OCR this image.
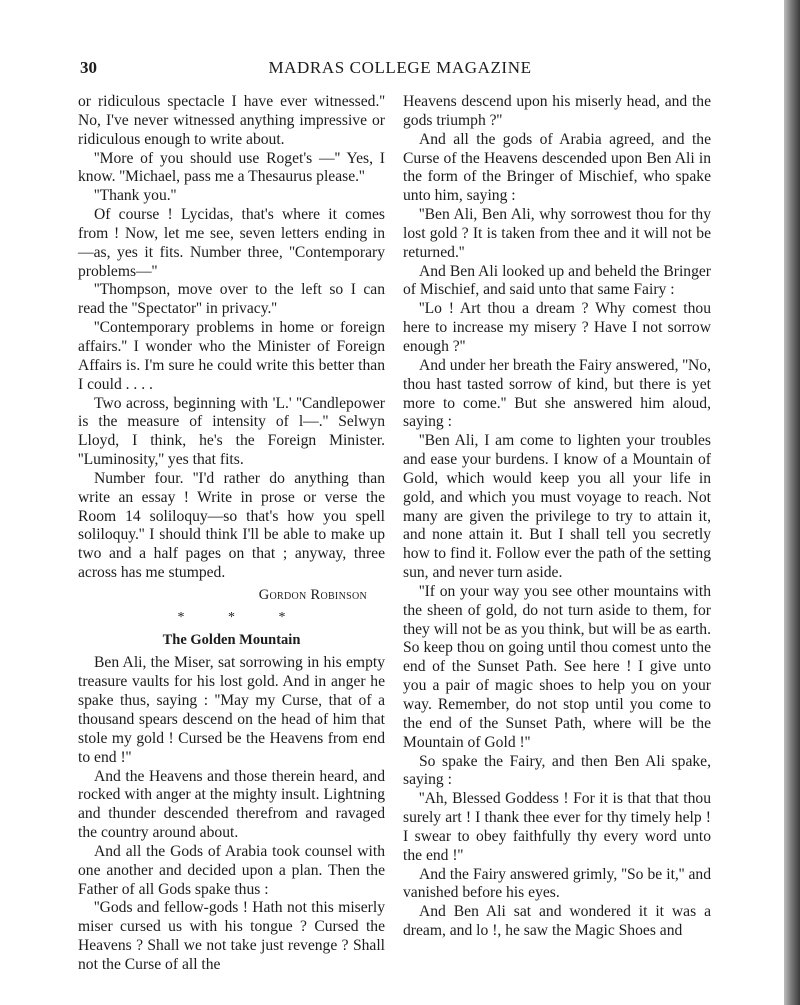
30	MADRAS COLLEGE MAGAZINE

or ridiculous spectacle I have ever witnessed.'' No, I've never witnessed anything impressive or ridiculous enough to write about.

''More of you should use Roget's —'' Yes, I know. ''Michael, pass me a Thesaurus please.''

''Thank you.''

Of course ! Lycidas, that's where it comes from ! Now, let me see, seven letters ending in —as, yes it fits. Number three, ''Contemporary problems—''

''Thompson, move over to the left so I can read the ''Spectator'' in privacy.''

''Contemporary problems in home or foreign affairs.'' I wonder who the Minister of Foreign Affairs is. I'm sure he could write this better than I could . . . .

Two across, beginning with 'L.' ''Candlepower is the measure of intensity of l—.'' Selwyn Lloyd, I think, he's the Foreign Minister. ''Luminosity,'' yes that fits.

Number four. ''I'd rather do anything than write an essay ! Write in prose or verse the Room 14 soliloquy—so that's how you spell soliloquy.'' I should think I'll be able to make up two and a half pages on that ; anyway, three across has me stumped.

Gordon Robinson
* * *
The Golden Mountain

Ben Ali, the Miser, sat sorrowing in his empty treasure vaults for his lost gold. And in anger he spake thus, saying : ''May my Curse, that of a thousand spears descend on the head of him that stole my gold ! Cursed be the Heavens from end to end !''

And the Heavens and those therein heard, and rocked with anger at the mighty insult. Lightning and thunder descended therefrom and ravaged the country around about.

And all the Gods of Arabia took counsel with one another and decided upon a plan. Then the Father of all Gods spake thus :

''Gods and fellow-gods ! Hath not this miserly miser cursed us with his tongue ? Cursed the Heavens ? Shall we not take just revenge ? Shall not the Curse of all the

Heavens descend upon his miserly head, and the gods triumph ?''

And all the gods of Arabia agreed, and the Curse of the Heavens descended upon Ben Ali in the form of the Bringer of Mischief, who spake unto him, saying :

''Ben Ali, Ben Ali, why sorrowest thou for thy lost gold ? It is taken from thee and it will not be returned.''

And Ben Ali looked up and beheld the Bringer of Mischief, and said unto that same Fairy :

''Lo ! Art thou a dream ? Why comest thou here to increase my misery ? Have I not sorrow enough ?''

And under her breath the Fairy answered, ''No, thou hast tasted sorrow of kind, but there is yet more to come.'' But she answered him aloud, saying :

''Ben Ali, I am come to lighten your troubles and ease your burdens. I know of a Mountain of Gold, which would keep you all your life in gold, and which you must voyage to reach. Not many are given the privilege to try to attain it, and none attain it. But I shall tell you secretly how to find it. Follow ever the path of the setting sun, and never turn aside.

''If on your way you see other mountains with the sheen of gold, do not turn aside to them, for they will not be as you think, but will be as earth. So keep thou on going until thou comest unto the end of the Sunset Path. See here ! I give unto you a pair of magic shoes to help you on your way. Remember, do not stop until you come to the end of the Sunset Path, where will be the Mountain of Gold !''

So spake the Fairy, and then Ben Ali spake, saying :

''Ah, Blessed Goddess ! For it is that that thou surely art ! I thank thee ever for thy timely help ! I swear to obey faithfully thy every word unto the end !''

And the Fairy answered grimly, ''So be it,'' and vanished before his eyes.

And Ben Ali sat and wondered it it was a dream, and lo !, he saw the Magic Shoes and
